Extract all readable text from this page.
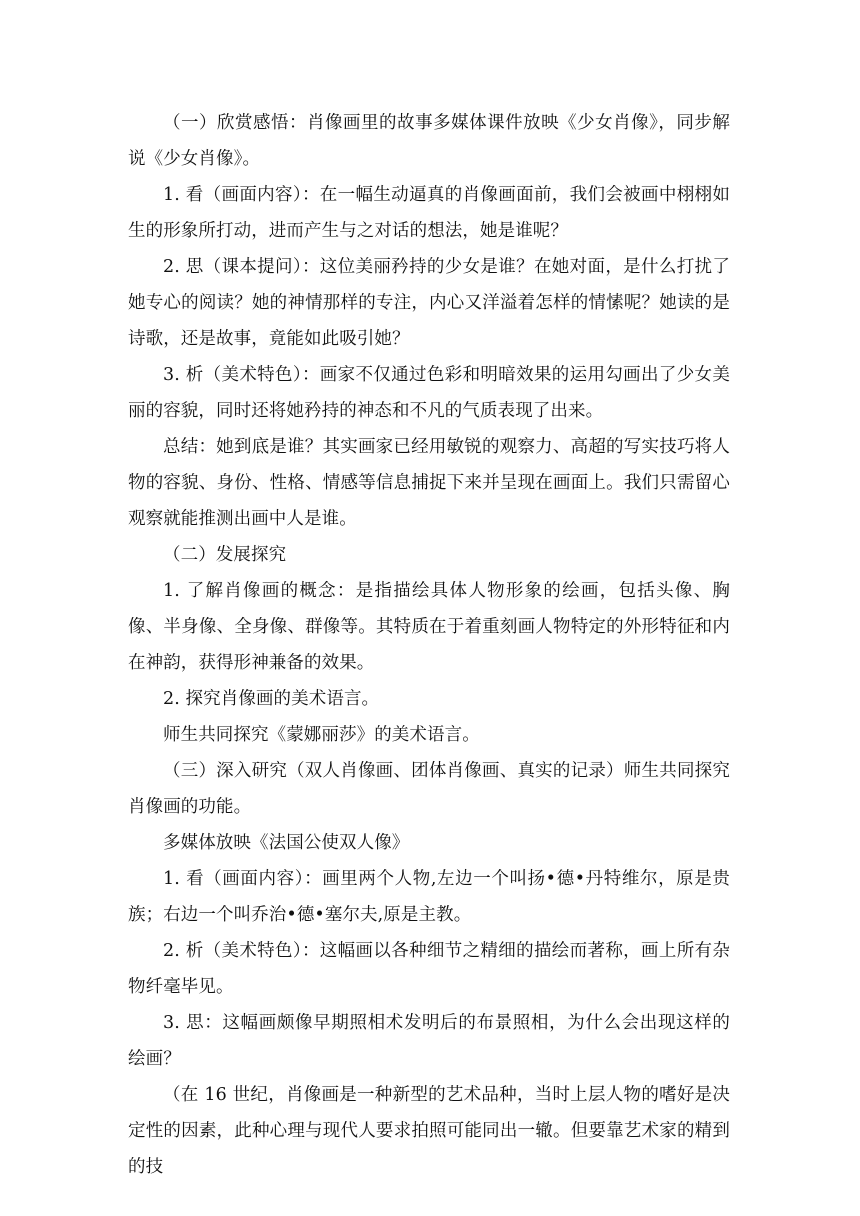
（一）欣赏感悟：肖像画里的故事多媒体课件放映《少女肖像》，同步解说《少女肖像》。

1. 看（画面内容）：在一幅生动逼真的肖像画面前，我们会被画中栩栩如生的形象所打动，进而产生与之对话的想法，她是谁呢？

2. 思（课本提问）：这位美丽矜持的少女是谁？在她对面，是什么打扰了她专心的阅读？她的神情那样的专注，内心又洋溢着怎样的情愫呢？她读的是诗歌，还是故事，竟能如此吸引她？

3. 析（美术特色）：画家不仅通过色彩和明暗效果的运用勾画出了少女美丽的容貌，同时还将她矜持的神态和不凡的气质表现了出来。

总结：她到底是谁？其实画家已经用敏锐的观察力、高超的写实技巧将人物的容貌、身份、性格、情感等信息捕捉下来并呈现在画面上。我们只需留心观察就能推测出画中人是谁。

（二）发展探究

1. 了解肖像画的概念：是指描绘具体人物形象的绘画，包括头像、胸像、半身像、全身像、群像等。其特质在于着重刻画人物特定的外形特征和内在神韵，获得形神兼备的效果。

2. 探究肖像画的美术语言。

师生共同探究《蒙娜丽莎》的美术语言。

（三）深入研究（双人肖像画、团体肖像画、真实的记录）师生共同探究肖像画的功能。

多媒体放映《法国公使双人像》

1. 看（画面内容）：画里两个人物,左边一个叫扬•德•丹特维尔，原是贵族；右边一个叫乔治•德•塞尔夫,原是主教。

2. 析（美术特色）：这幅画以各种细节之精细的描绘而著称，画上所有杂物纤毫毕见。

3. 思：这幅画颇像早期照相术发明后的布景照相，为什么会出现这样的绘画？

（在 16 世纪，肖像画是一种新型的艺术品种，当时上层人物的嗜好是决定性的因素，此种心理与现代人要求拍照可能同出一辙。但要靠艺术家的精到的技
